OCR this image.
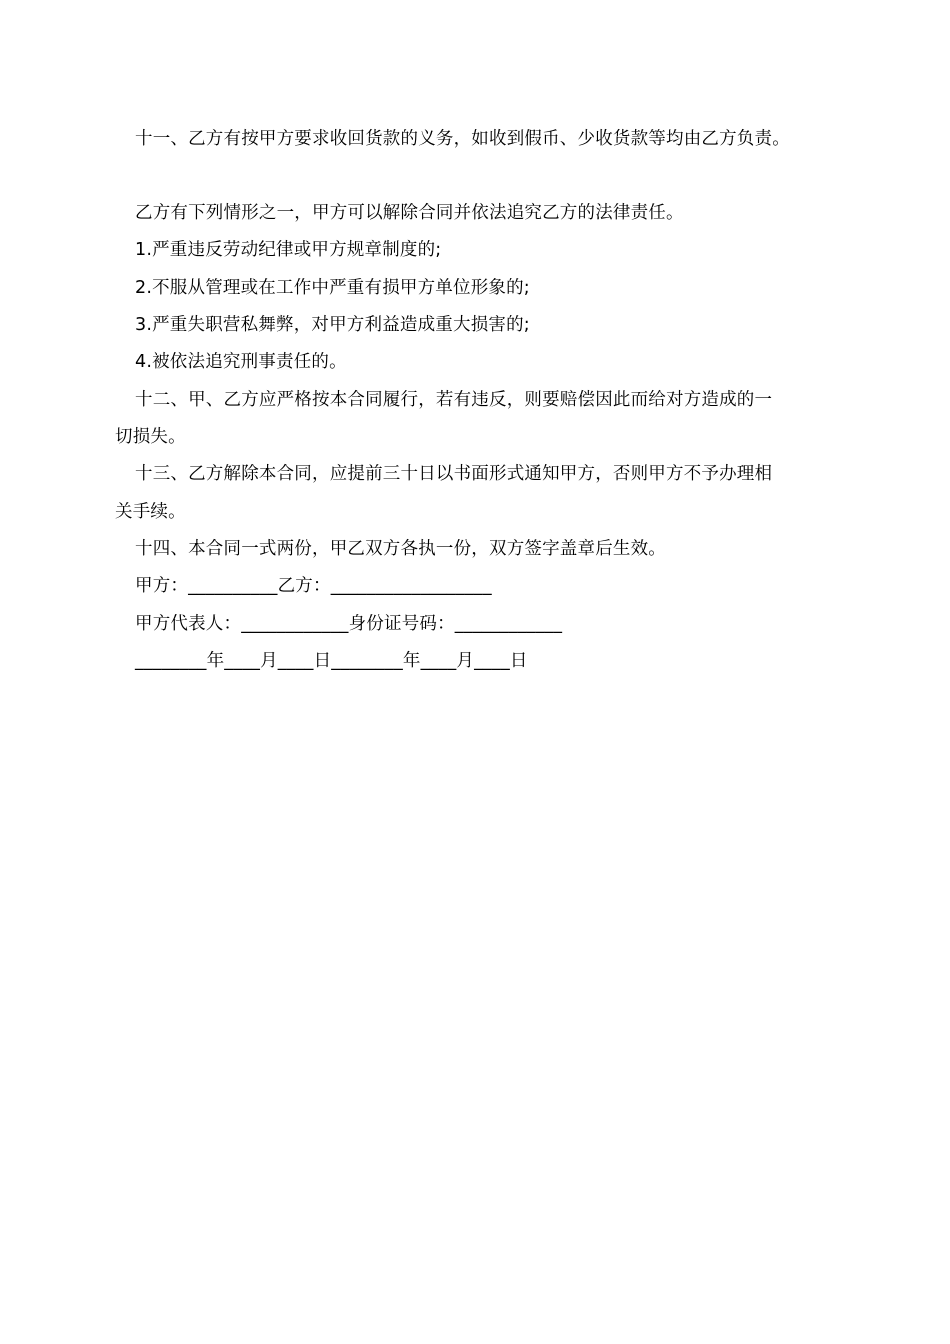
十一、乙方有按甲方要求收回货款的义务，如收到假币、少收货款等均由乙方负责。
乙方有下列情形之一，甲方可以解除合同并依法追究乙方的法律责任。
1.严重违反劳动纪律或甲方规章制度的;
2.不服从管理或在工作中严重有损甲方单位形象的;
3.严重失职营私舞弊，对甲方利益造成重大损害的;
4.被依法追究刑事责任的。
十二、甲、乙方应严格按本合同履行，若有违反，则要赔偿因此而给对方造成的一
切损失。
十三、乙方解除本合同，应提前三十日以书面形式通知甲方，否则甲方不予办理相
关手续。
十四、本合同一式两份，甲乙双方各执一份，双方签字盖章后生效。
甲方：__________乙方：__________________
甲方代表人：____________身份证号码：____________
________年____月____日________年____月____日
